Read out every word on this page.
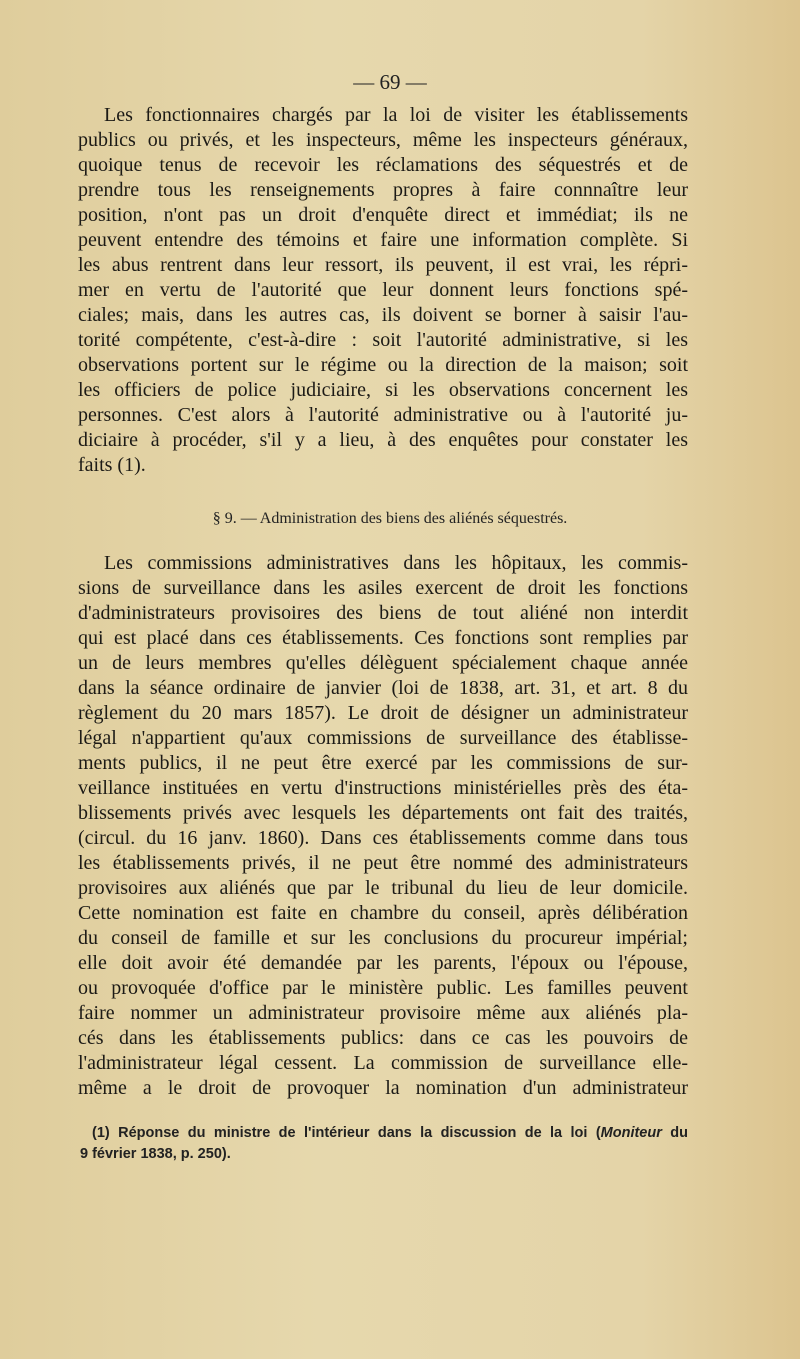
— 69 —
Les fonctionnaires chargés par la loi de visiter les établissements
publics ou privés, et les inspecteurs, même les inspecteurs généraux,
quoique tenus de recevoir les réclamations des séquestrés et de
prendre tous les renseignements propres à faire connnaître leur
position, n'ont pas un droit d'enquête direct et immédiat; ils ne
peuvent entendre des témoins et faire une information complète. Si
les abus rentrent dans leur ressort, ils peuvent, il est vrai, les répri-
mer en vertu de l'autorité que leur donnent leurs fonctions spé-
ciales; mais, dans les autres cas, ils doivent se borner à saisir l'au-
torité compétente, c'est-à-dire : soit l'autorité administrative, si les
observations portent sur le régime ou la direction de la maison; soit
les officiers de police judiciaire, si les observations concernent les
personnes. C'est alors à l'autorité administrative ou à l'autorité ju-
diciaire à procéder, s'il y a lieu, à des enquêtes pour constater les
faits (1).
§ 9. — Administration des biens des aliénés séquestrés.
Les commissions administratives dans les hôpitaux, les commis-
sions de surveillance dans les asiles exercent de droit les fonctions
d'administrateurs provisoires des biens de tout aliéné non interdit
qui est placé dans ces établissements. Ces fonctions sont remplies par
un de leurs membres qu'elles délèguent spécialement chaque année
dans la séance ordinaire de janvier (loi de 1838, art. 31, et art. 8 du
règlement du 20 mars 1857). Le droit de désigner un administrateur
légal n'appartient qu'aux commissions de surveillance des établisse-
ments publics, il ne peut être exercé par les commissions de sur-
veillance instituées en vertu d'instructions ministérielles près des éta-
blissements privés avec lesquels les départements ont fait des traités,
(circul. du 16 janv. 1860). Dans ces établissements comme dans tous
les établissements privés, il ne peut être nommé des administrateurs
provisoires aux aliénés que par le tribunal du lieu de leur domicile.
Cette nomination est faite en chambre du conseil, après délibération
du conseil de famille et sur les conclusions du procureur impérial;
elle doit avoir été demandée par les parents, l'époux ou l'épouse,
ou provoquée d'office par le ministère public. Les familles peuvent
faire nommer un administrateur provisoire même aux aliénés pla-
cés dans les établissements publics: dans ce cas les pouvoirs de
l'administrateur légal cessent. La commission de surveillance elle-
même a le droit de provoquer la nomination d'un administrateur
(1) Réponse du ministre de l'intérieur dans la discussion de la loi (Moniteur du
9 février 1838, p. 250).
